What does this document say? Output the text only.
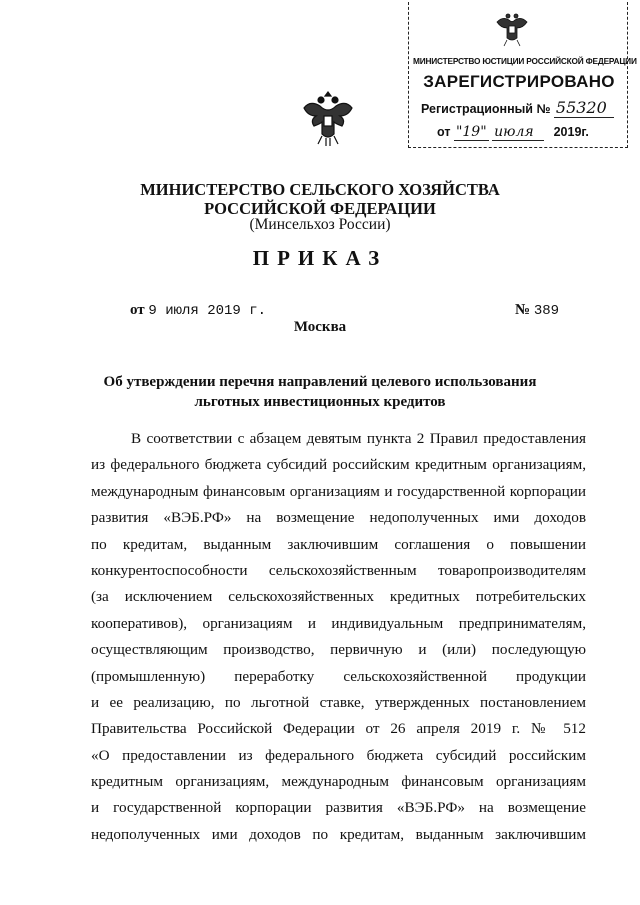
МИНИСТЕРСТВО ЮСТИЦИИ РОССИЙСКОЙ ФЕДЕРАЦИИ
ЗАРЕГИСТРИРОВАНО
Регистрационный № 55320
от "19" июля 2019г.
МИНИСТЕРСТВО СЕЛЬСКОГО ХОЗЯЙСТВА
РОССИЙСКОЙ ФЕДЕРАЦИИ
(Минсельхоз России)
ПРИКАЗ
от 9 июля 2019 г.	№ 389
Москва
Об утверждении перечня направлений целевого использования
льготных инвестиционных кредитов
В соответствии с абзацем девятым пункта 2 Правил предоставления
из федерального бюджета субсидий российским кредитным организациям,
международным финансовым организациям и государственной корпорации
развития «ВЭБ.РФ» на возмещение недополученных ими доходов
по кредитам, выданным заключившим соглашения о повышении
конкурентоспособности сельскохозяйственным товаропроизводителям
(за исключением сельскохозяйственных кредитных потребительских
кооперативов), организациям и индивидуальным предпринимателям,
осуществляющим производство, первичную и (или) последующую
(промышленную) переработку сельскохозяйственной продукции
и ее реализацию, по льготной ставке, утвержденных постановлением
Правительства Российской Федерации от 26 апреля 2019 г. № 512
«О предоставлении из федерального бюджета субсидий российским
кредитным организациям, международным финансовым организациям
и государственной корпорации развития «ВЭБ.РФ» на возмещение
недополученных ими доходов по кредитам, выданным заключившим
